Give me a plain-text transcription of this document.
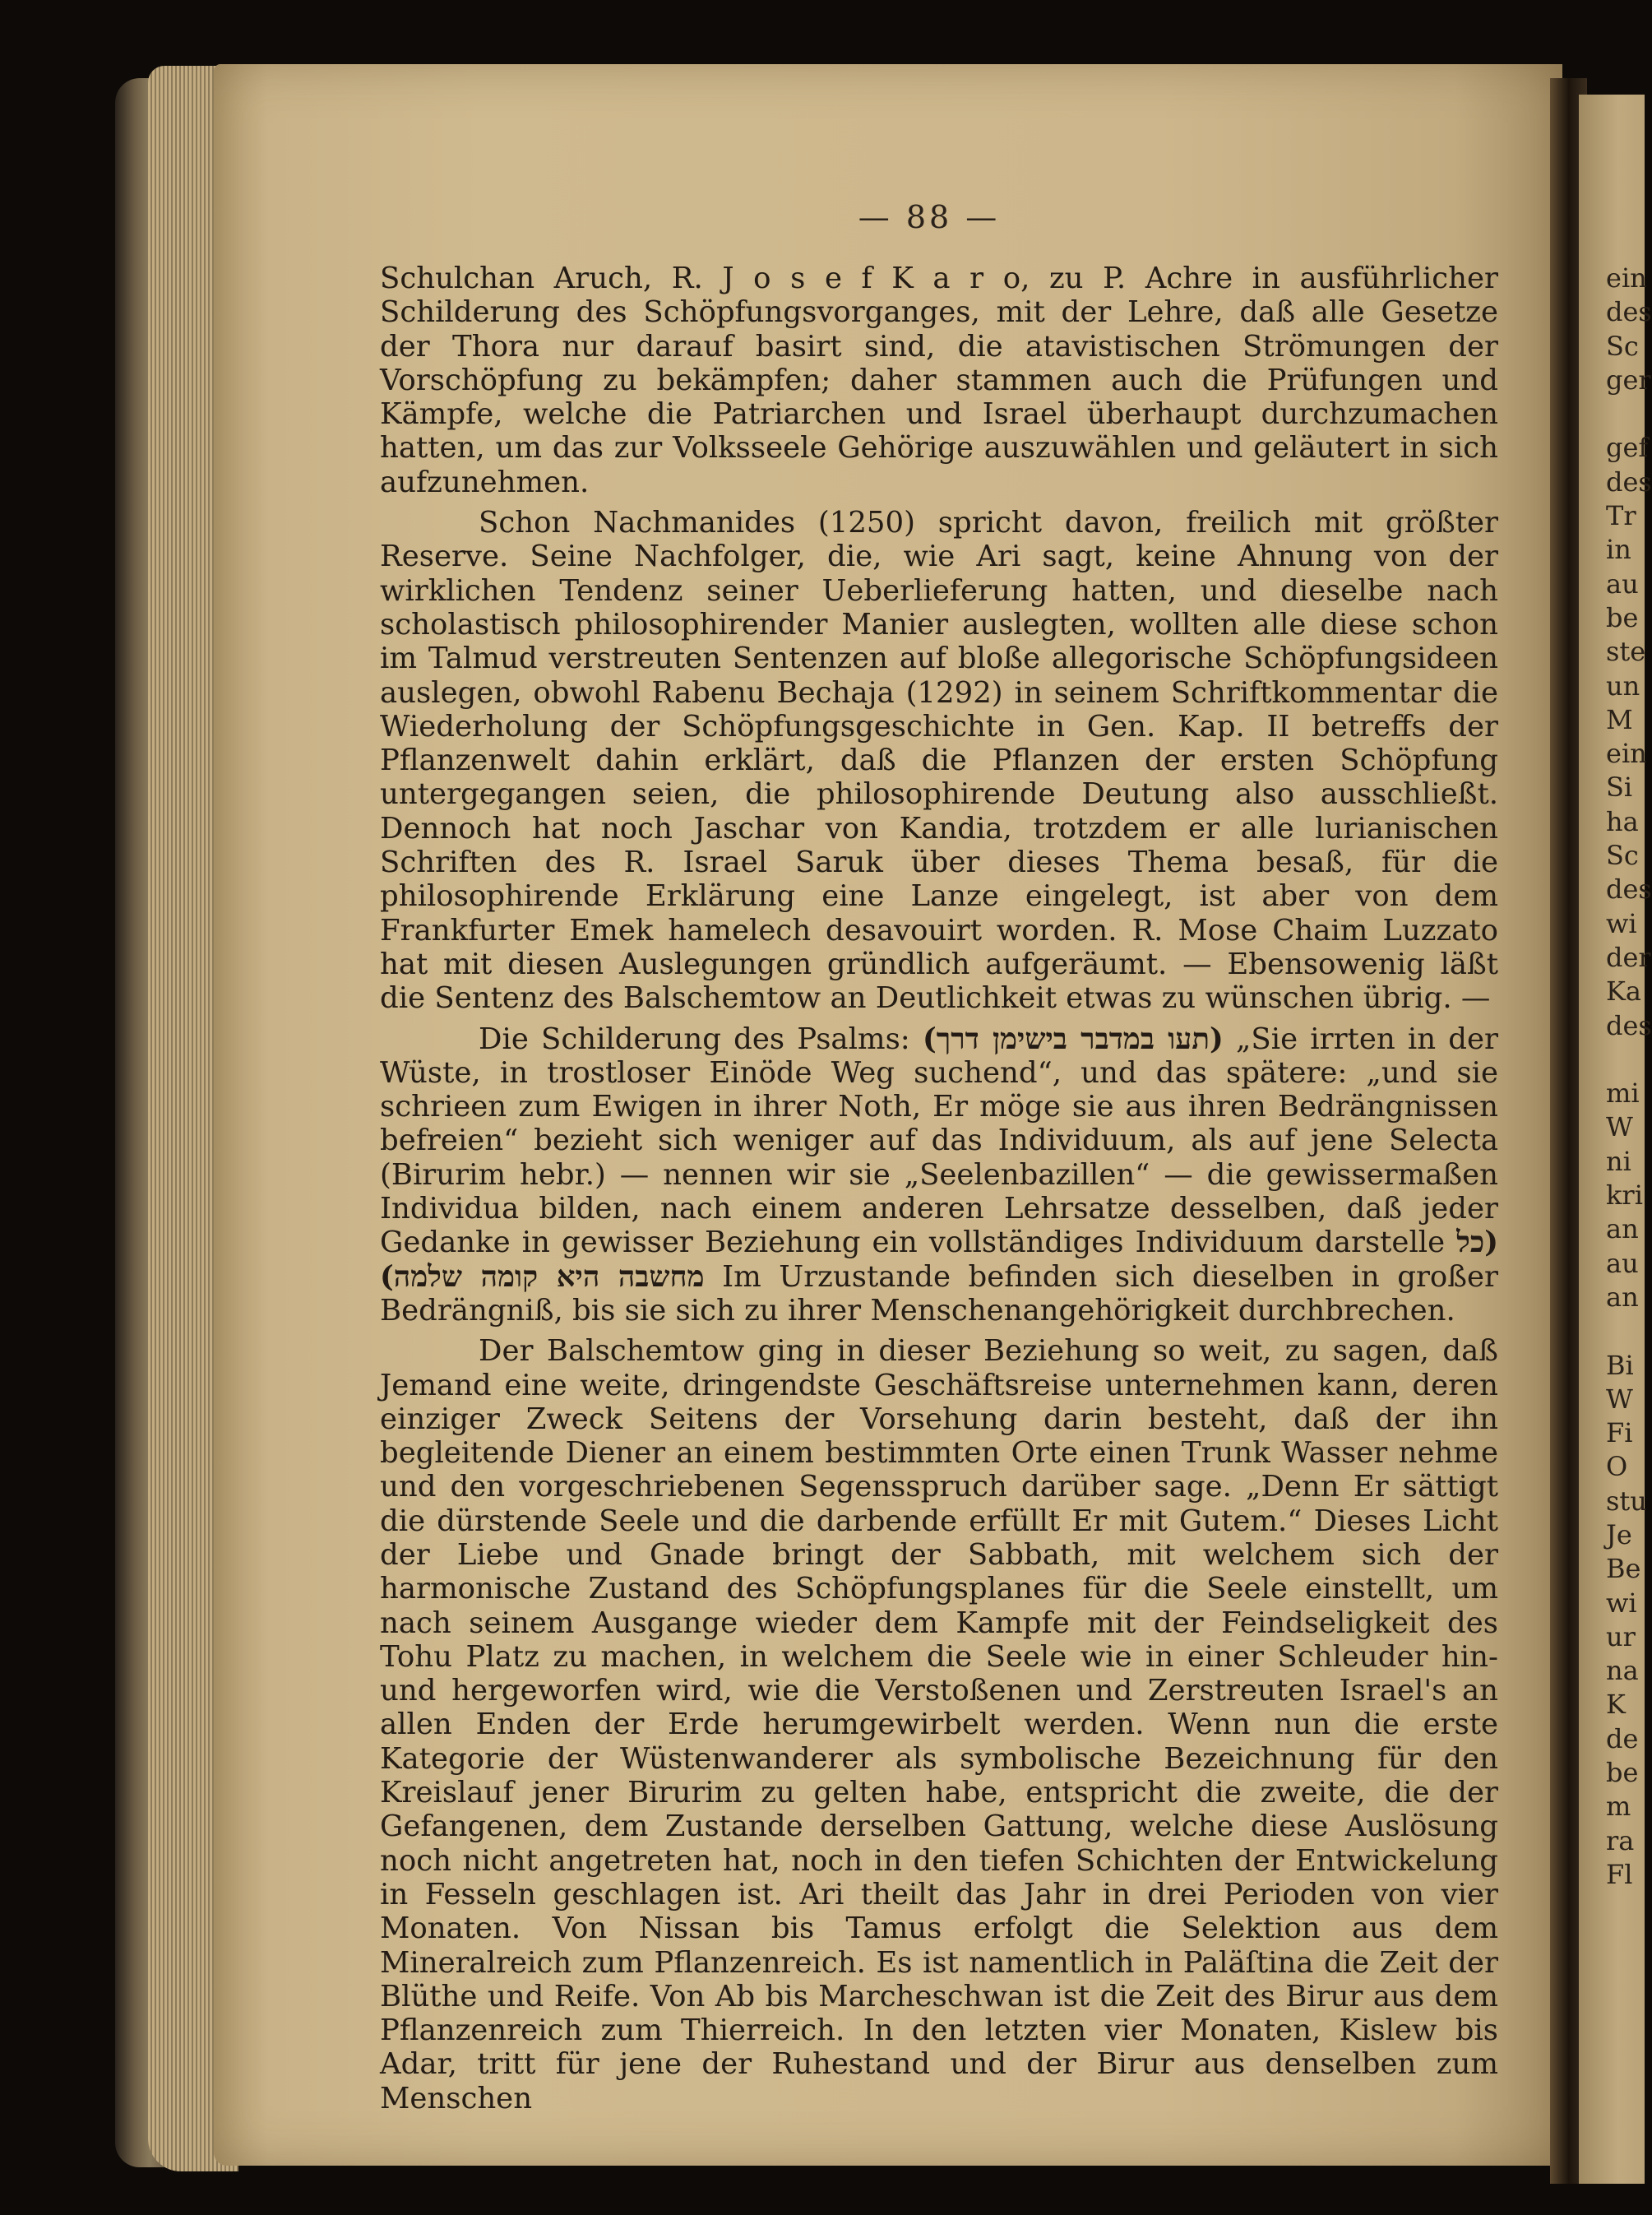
— 88 —

Schulchan Aruch, R. J o s e f K a r o, zu P. Achre in ausführlicher Schilderung des Schöpfungsvorganges, mit der Lehre, daß alle Gesetze der Thora nur darauf basirt sind, die atavistischen Strömungen der Vorschöpfung zu bekämpfen; daher stammen auch die Prüfungen und Kämpfe, welche die Patriarchen und Israel überhaupt durchzumachen hatten, um das zur Volksseele Gehörige auszuwählen und geläutert in sich aufzunehmen.

Schon Nachmanides (1250) spricht davon, freilich mit größter Reserve. Seine Nachfolger, die, wie Ari sagt, keine Ahnung von der wirklichen Tendenz seiner Ueberlieferung hatten, und dieselbe nach scholastisch philosophirender Manier auslegten, wollten alle diese schon im Talmud verstreuten Sentenzen auf bloße allegorische Schöpfungsideen auslegen, obwohl Rabenu Bechaja (1292) in seinem Schriftkommentar die Wiederholung der Schöpfungsgeschichte in Gen. Kap. II betreffs der Pflanzenwelt dahin erklärt, daß die Pflanzen der ersten Schöpfung untergegangen seien, die philosophirende Deutung also ausschließt. Dennoch hat noch Jaschar von Kandia, trotzdem er alle lurianischen Schriften des R. Israel Saruk über dieses Thema besaß, für die philosophirende Erklärung eine Lanze eingelegt, ist aber von dem Frankfurter Emek hamelech desavouirt worden. R. Mose Chaim Luzzato hat mit diesen Auslegungen gründlich aufgeräumt. — Ebensowenig läßt die Sentenz des Balschemtow an Deutlichkeit etwas zu wünschen übrig. —

Die Schilderung des Psalms: (תעו במדבר בישימן דרך) „Sie irrten in der Wüste, in trostloser Einöde Weg suchend“, und das spätere: „und sie schrieen zum Ewigen in ihrer Noth, Er möge sie aus ihren Bedrängnissen befreien“ bezieht sich weniger auf das Individuum, als auf jene Selecta (Birurim hebr.) — nennen wir sie „Seelenbazillen“ — die gewissermaßen Individua bilden, nach einem anderen Lehrsatze desselben, daß jeder Gedanke in gewisser Beziehung ein vollständiges Individuum darstelle (כל מחשבה היא קומה שלמה) Im Urzustande befinden sich dieselben in großer Bedrängniß, bis sie sich zu ihrer Menschenangehörigkeit durchbrechen.

Der Balschemtow ging in dieser Beziehung so weit, zu sagen, daß Jemand eine weite, dringendste Geschäftsreise unternehmen kann, deren einziger Zweck Seitens der Vorsehung darin besteht, daß der ihn begleitende Diener an einem bestimmten Orte einen Trunk Wasser nehme und den vorgeschriebenen Segensspruch darüber sage. „Denn Er sättigt die dürstende Seele und die darbende erfüllt Er mit Gutem.“ Dieses Licht der Liebe und Gnade bringt der Sabbath, mit welchem sich der harmonische Zustand des Schöpfungsplanes für die Seele einstellt, um nach seinem Ausgange wieder dem Kampfe mit der Feindseligkeit des Tohu Platz zu machen, in welchem die Seele wie in einer Schleuder hin- und hergeworfen wird, wie die Verstoßenen und Zerstreuten Israel's an allen Enden der Erde herumgewirbelt werden. Wenn nun die erste Kategorie der Wüstenwanderer als symbolische Bezeichnung für den Kreislauf jener Birurim zu gelten habe, entspricht die zweite, die der Gefangenen, dem Zustande derselben Gattung, welche diese Auslösung noch nicht angetreten hat, noch in den tiefen Schichten der Entwickelung in Fesseln geschlagen ist. Ari theilt das Jahr in drei Perioden von vier Monaten. Von Nissan bis Tamus erfolgt die Selektion aus dem Mineralreich zum Pflanzenreich. Es ist namentlich in Paläſtina die Zeit der Blüthe und Reife. Von Ab bis Marcheschwan ist die Zeit des Birur aus dem Pflanzenreich zum Thierreich. In den letzten vier Monaten, Kislew bis Adar, tritt für jene der Ruhestand und der Birur aus denselben zum Menschen

ein
des
Sc
ger
gef
des
Tr
in
au
be
ste
un
M
ein
Si
ha
Sc
des
wi
der
Ka
des
mi
W
ni
kri
an
au
an
Bi
W
Fi
O
stu
Je
Be
wi
ur
na
K
de
be
m
ra
Fl
